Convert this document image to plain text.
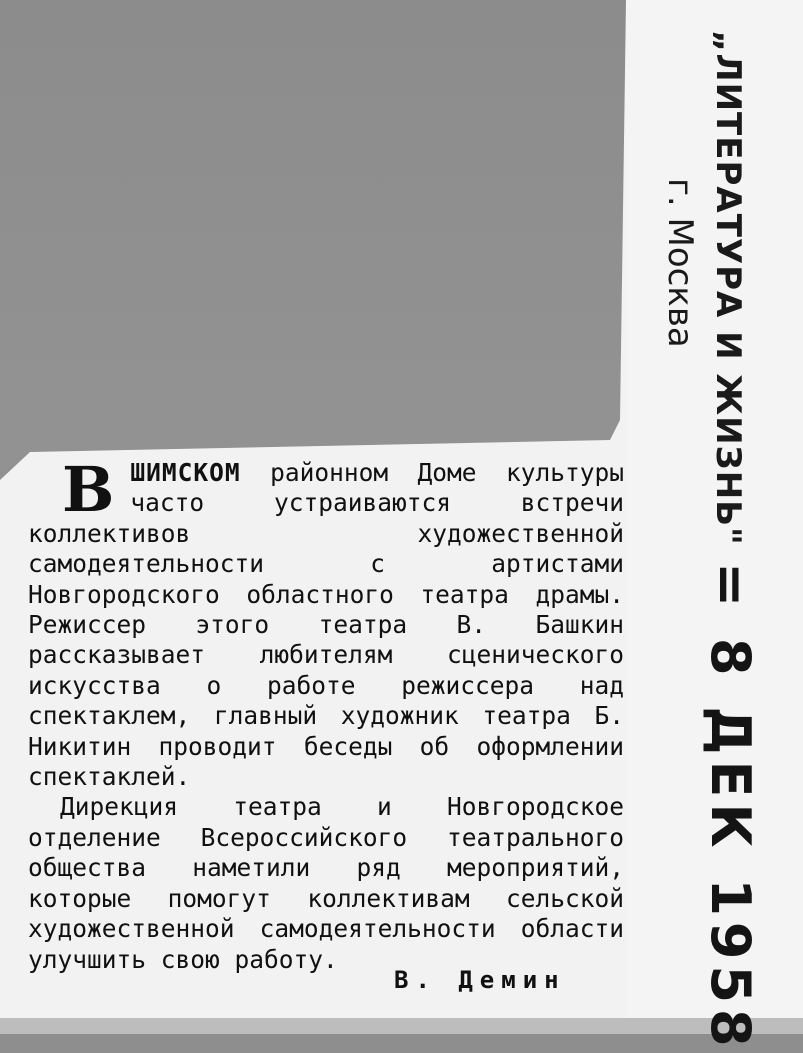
„ЛИТЕРАТУРА И ЖИЗНЬ"
г. Москва
= 8 ДЕК 1958

ВШИМСКОМ районном Доме культуры часто устраиваются встречи коллективов художественной самодеятельности с артистами Новгородского областного театра драмы. Режиссер этого театра В. Башкин рассказывает любителям сценического искусства о работе режиссера над спектаклем, главный художник театра Б. Никитин проводит беседы об оформлении спектаклей.

Дирекция театра и Новгородское отделение Всероссийского театрального общества наметили ряд мероприятий, которые помогут коллективам сельской художественной самодеятельности области улучшить свою работу.

В. Демин
